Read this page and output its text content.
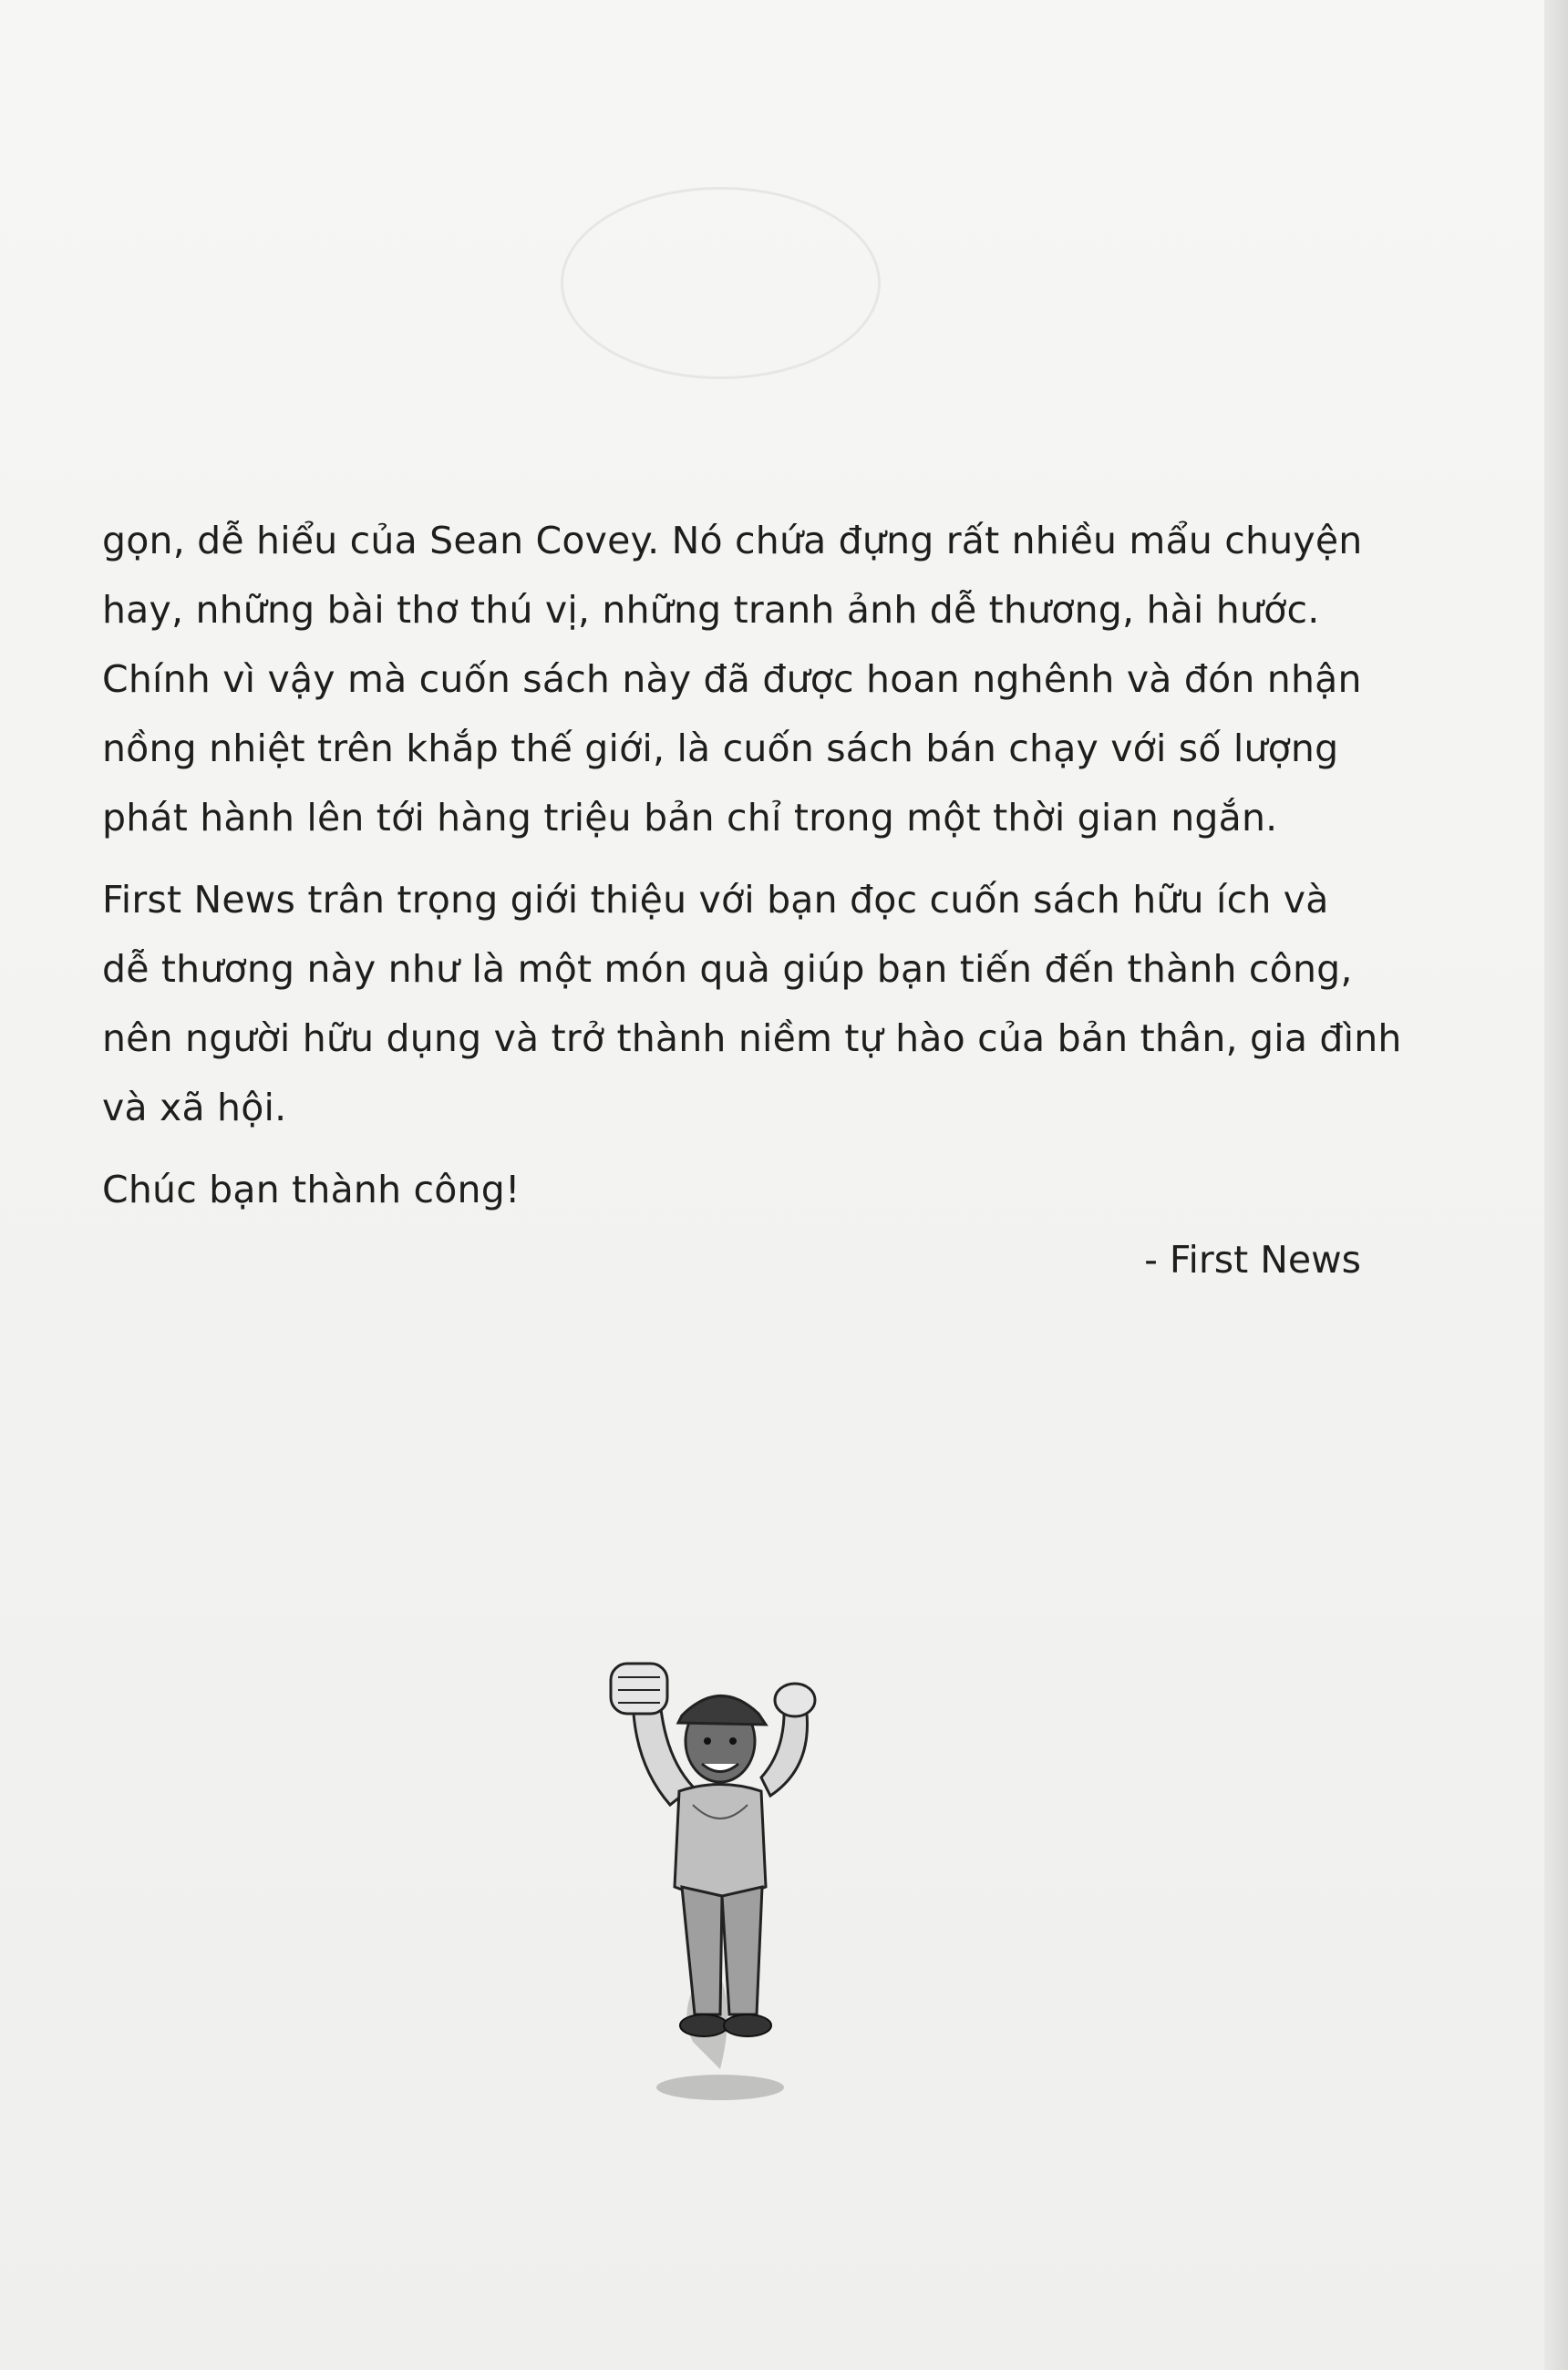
gọn, dễ hiểu của Sean Covey. Nó chứa đựng rất nhiều mẩu chuyện
hay, những bài thơ thú vị, những tranh ảnh dễ thương, hài hước.
Chính vì vậy mà cuốn sách này đã được hoan nghênh và đón nhận
nồng nhiệt trên khắp thế giới, là cuốn sách bán chạy với số lượng
phát hành lên tới hàng triệu bản chỉ trong một thời gian ngắn.

First News trân trọng giới thiệu với bạn đọc cuốn sách hữu ích và
dễ thương này như là một món quà giúp bạn tiến đến thành công,
nên người hữu dụng và trở thành niềm tự hào của bản thân, gia đình
và xã hội.

Chúc bạn thành công!

- First News
